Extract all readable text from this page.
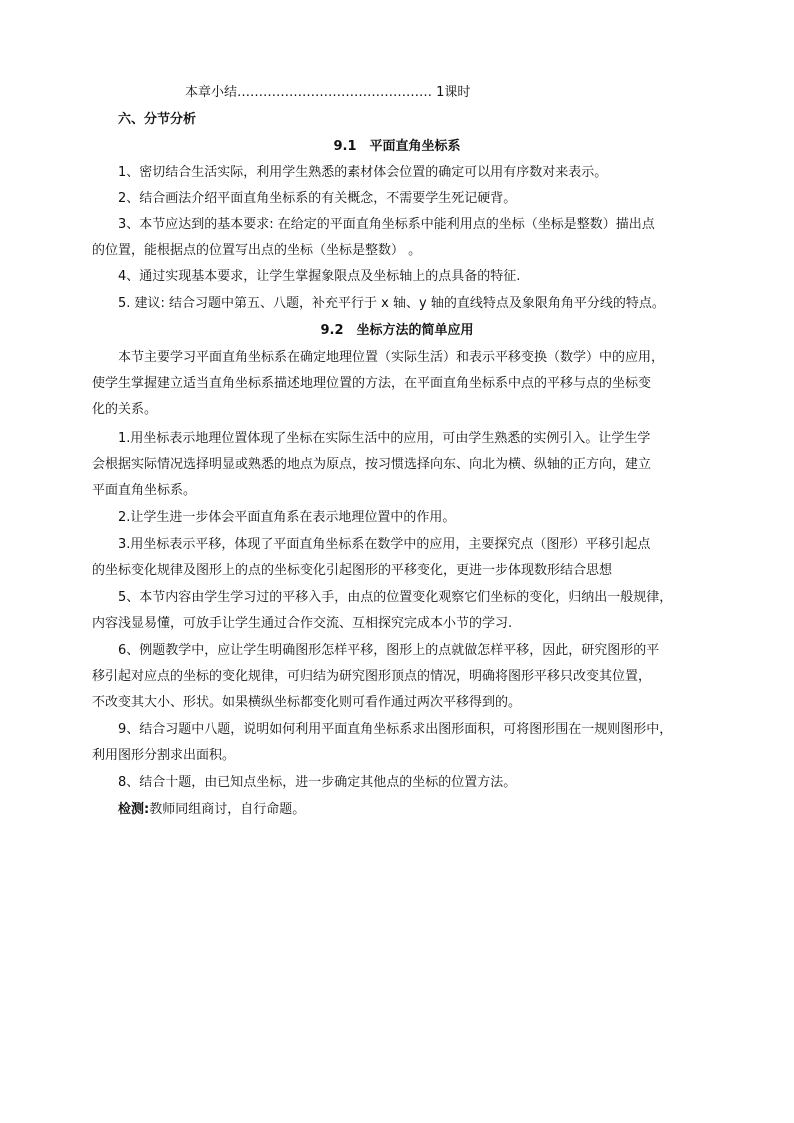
本章小结……………………………………… 1课时
六、分节分析
9.1　平面直角坐标系
1、密切结合生活实际，利用学生熟悉的素材体会位置的确定可以用有序数对来表示。
2、结合画法介绍平面直角坐标系的有关概念，不需要学生死记硬背。
3、本节应达到的基本要求: 在给定的平面直角坐标系中能利用点的坐标（坐标是整数）描出点
的位置，能根据点的位置写出点的坐标（坐标是整数） 。
4、通过实现基本要求，让学生掌握象限点及坐标轴上的点具备的特征.
5. 建议: 结合习题中第五、八题，补充平行于 x 轴、y 轴的直线特点及象限角角平分线的特点。
9.2　坐标方法的简单应用
本节主要学习平面直角坐标系在确定地理位置（实际生活）和表示平移变换（数学）中的应用，
使学生掌握建立适当直角坐标系描述地理位置的方法，在平面直角坐标系中点的平移与点的坐标变
化的关系。
1.用坐标表示地理位置体现了坐标在实际生活中的应用，可由学生熟悉的实例引入。让学生学
会根据实际情况选择明显或熟悉的地点为原点，按习惯选择向东、向北为横、纵轴的正方向，建立
平面直角坐标系。
2.让学生进一步体会平面直角系在表示地理位置中的作用。
3.用坐标表示平移，体现了平面直角坐标系在数学中的应用，主要探究点（图形）平移引起点
的坐标变化规律及图形上的点的坐标变化引起图形的平移变化，更进一步体现数形结合思想
5、本节内容由学生学习过的平移入手，由点的位置变化观察它们坐标的变化，归纳出一般规律，
内容浅显易懂，可放手让学生通过合作交流、互相探究完成本小节的学习.
6、例题教学中，应让学生明确图形怎样平移，图形上的点就做怎样平移，因此，研究图形的平
移引起对应点的坐标的变化规律，可归结为研究图形顶点的情况，明确将图形平移只改变其位置，
不改变其大小、形状。如果横纵坐标都变化则可看作通过两次平移得到的。
9、结合习题中八题，说明如何利用平面直角坐标系求出图形面积，可将图形围在一规则图形中，
利用图形分割求出面积。
8、结合十题，由已知点坐标，进一步确定其他点的坐标的位置方法。
检测:教师同组商讨，自行命题。
